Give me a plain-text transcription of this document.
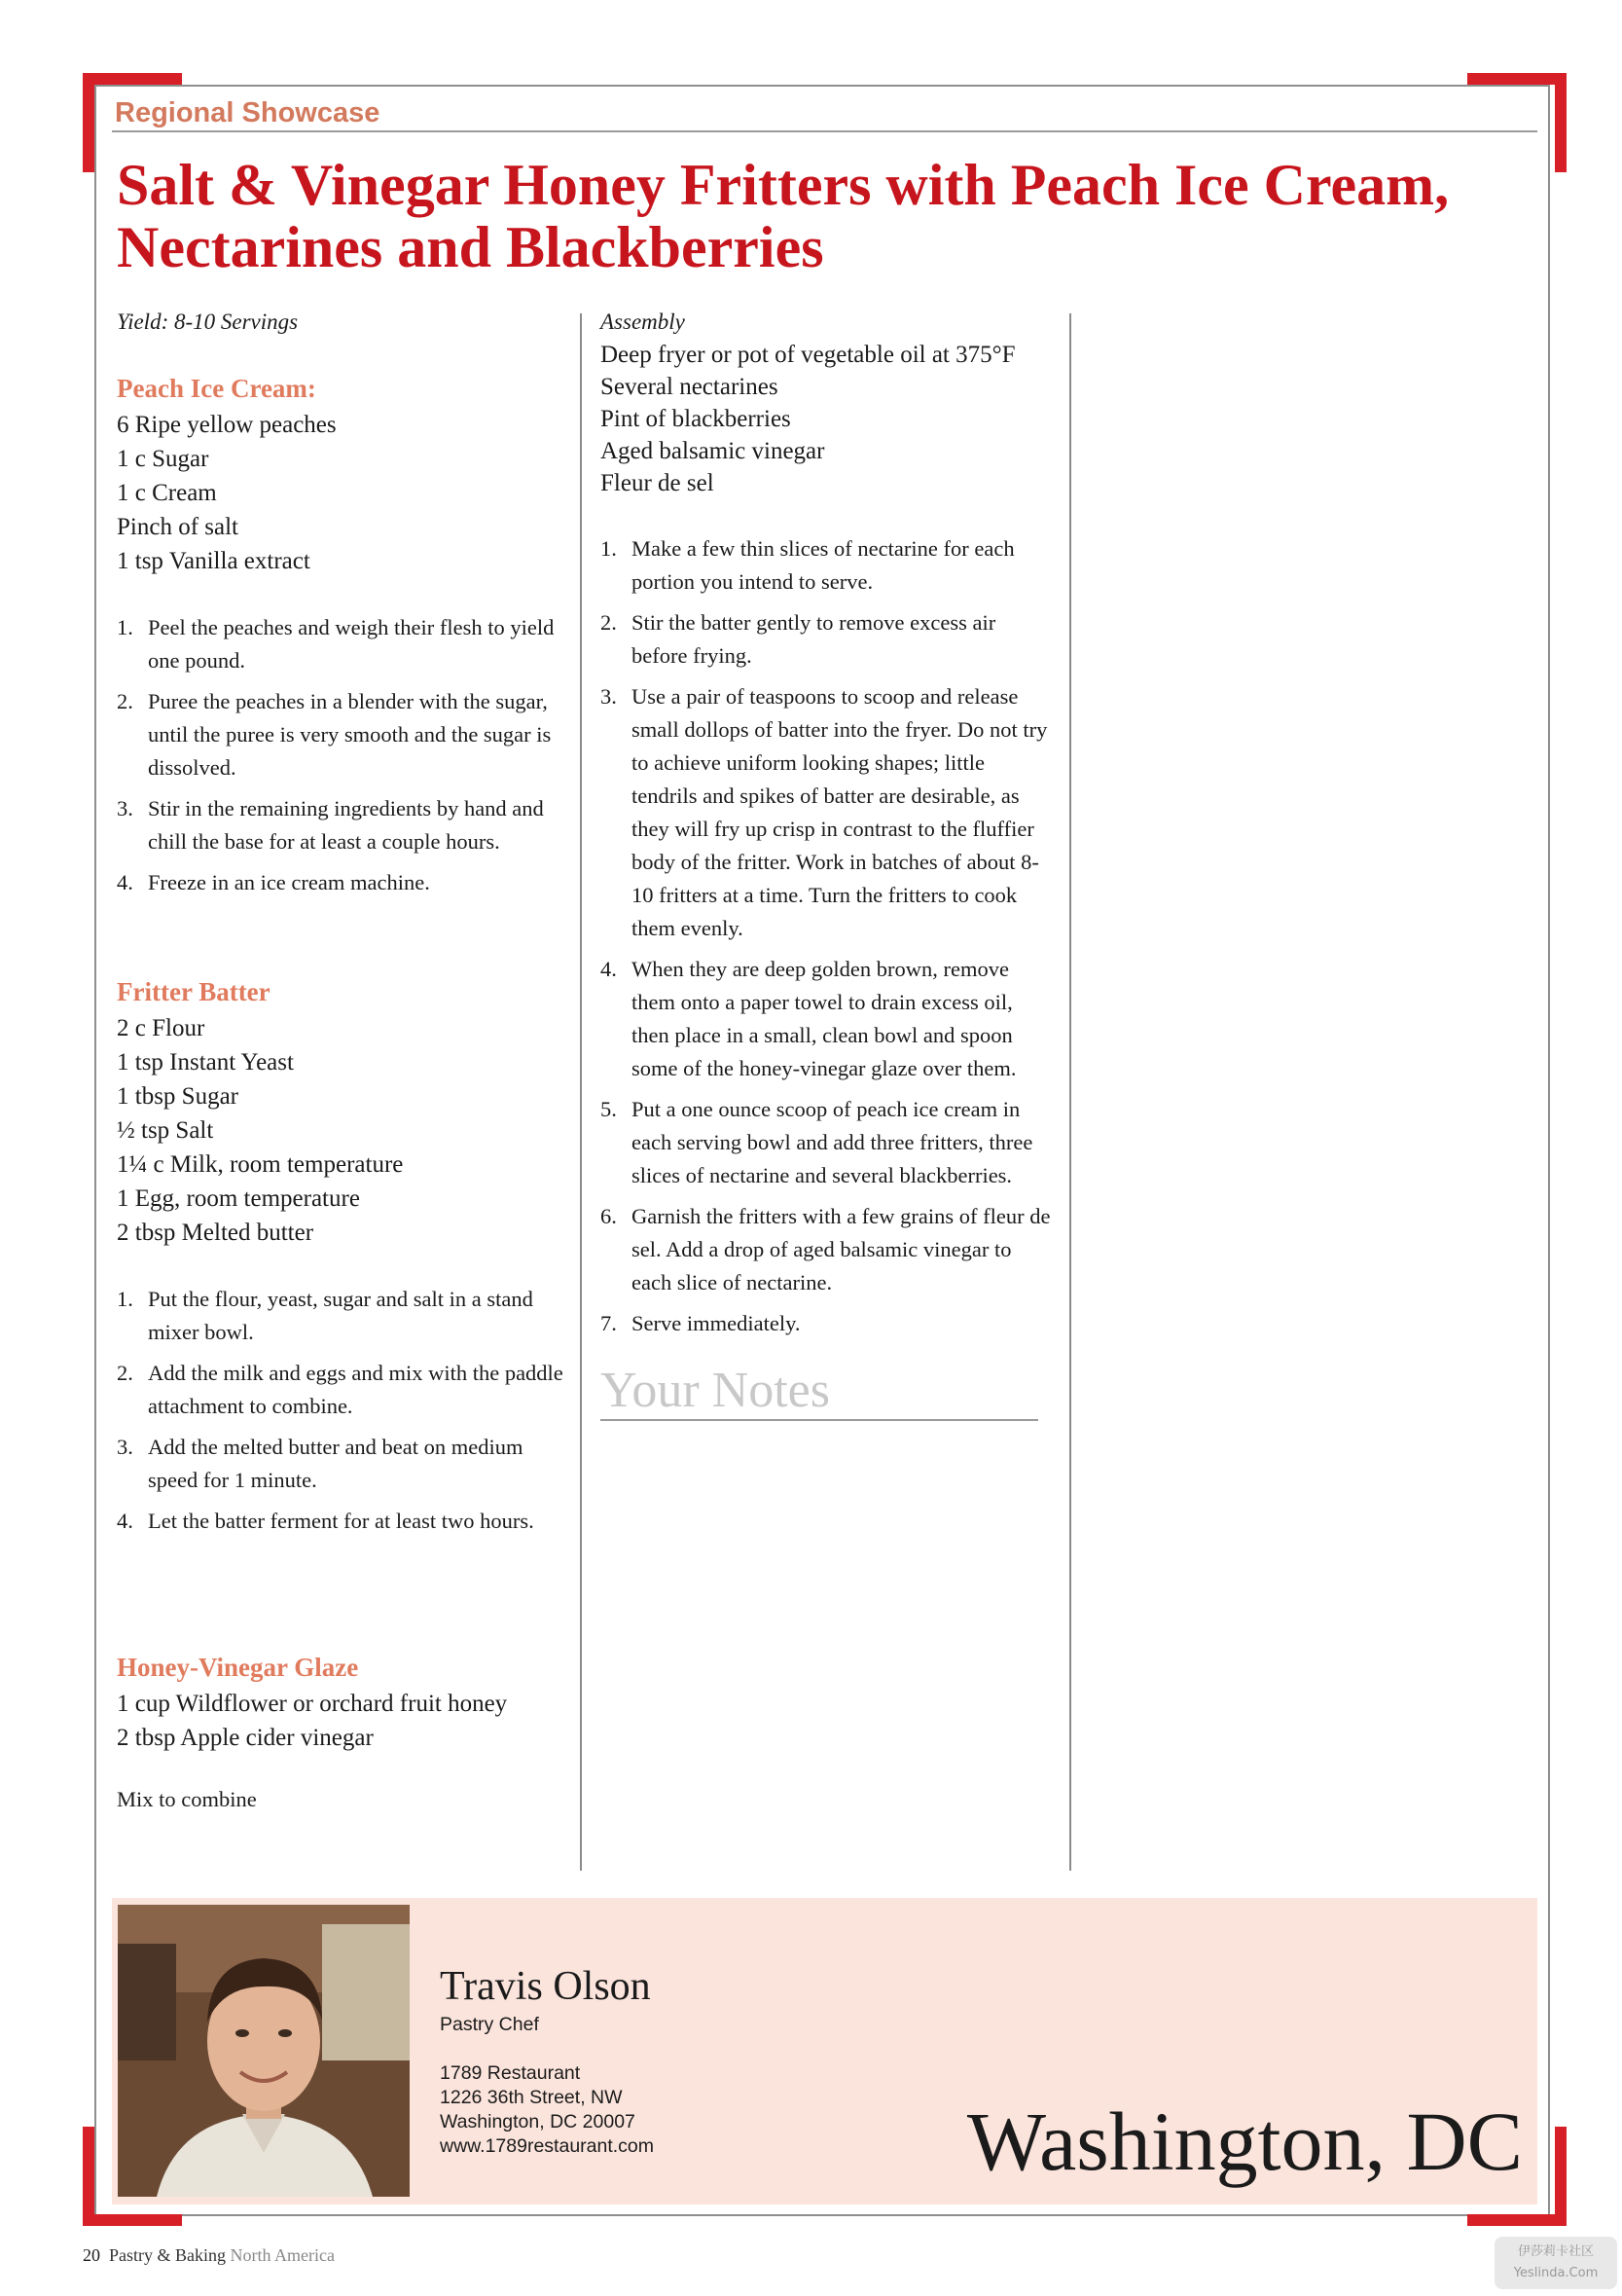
Regional Showcase
Salt & Vinegar Honey Fritters with Peach Ice Cream, Nectarines and Blackberries
Yield: 8-10 Servings
Peach Ice Cream:
6 Ripe yellow peaches
1 c Sugar
1 c Cream
Pinch of salt
1 tsp Vanilla extract
1. Peel the peaches and weigh their flesh to yield one pound.
2. Puree the peaches in a blender with the sugar, until the puree is very smooth and the sugar is dissolved.
3. Stir in the remaining ingredients by hand and chill the base for at least a couple hours.
4. Freeze in an ice cream machine.
Fritter Batter
2 c Flour
1 tsp Instant Yeast
1 tbsp Sugar
½ tsp Salt
1¼ c Milk, room temperature
1 Egg, room temperature
2 tbsp Melted butter
1. Put the flour, yeast, sugar and salt in a stand mixer bowl.
2. Add the milk and eggs and mix with the paddle attachment to combine.
3. Add the melted butter and beat on medium speed for 1 minute.
4. Let the batter ferment for at least two hours.
Honey-Vinegar Glaze
1 cup Wildflower or orchard fruit honey
2 tbsp Apple cider vinegar
Mix to combine
Assembly
Deep fryer or pot of vegetable oil at 375°F
Several nectarines
Pint of blackberries
Aged balsamic vinegar
Fleur de sel
1. Make a few thin slices of nectarine for each portion you intend to serve.
2. Stir the batter gently to remove excess air before frying.
3. Use a pair of teaspoons to scoop and release small dollops of batter into the fryer. Do not try to achieve uniform looking shapes; little tendrils and spikes of batter are desirable, as they will fry up crisp in contrast to the fluffier body of the fritter. Work in batches of about 8-10 fritters at a time. Turn the fritters to cook them evenly.
4. When they are deep golden brown, remove them onto a paper towel to drain excess oil, then place in a small, clean bowl and spoon some of the honey-vinegar glaze over them.
5. Put a one ounce scoop of peach ice cream in each serving bowl and add three fritters, three slices of nectarine and several blackberries.
6. Garnish the fritters with a few grains of fleur de sel. Add a drop of aged balsamic vinegar to each slice of nectarine.
7. Serve immediately.
Your Notes
Travis Olson
Pastry Chef
1789 Restaurant
1226 36th Street, NW
Washington, DC 20007
www.1789restaurant.com	Washington, DC
20 Pastry & Baking North America	伊莎莉卡社区
Yeslinda.Com
